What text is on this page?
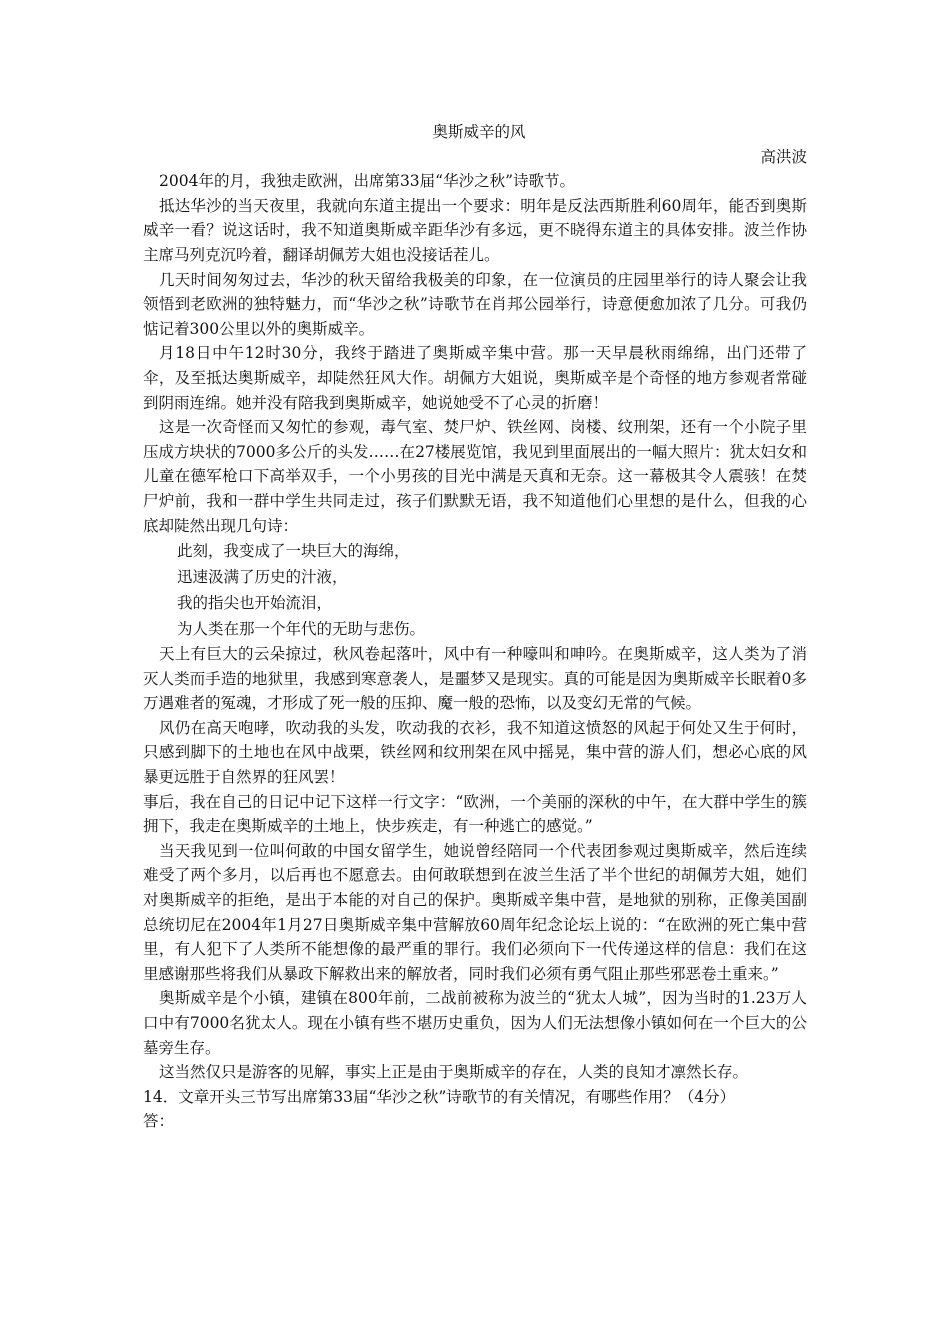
奥斯威辛的风

高洪波

2004年的月，我独走欧洲，出席第33届“华沙之秋”诗歌节。

抵达华沙的当天夜里，我就向东道主提出一个要求：明年是反法西斯胜利60周年，能否到奥斯威辛一看？说这话时，我不知道奥斯威辛距华沙有多远，更不晓得东道主的具体安排。波兰作协主席马列克沉吟着，翻译胡佩芳大姐也没接话茬儿。

几天时间匆匆过去，华沙的秋天留给我极美的印象，在一位演员的庄园里举行的诗人聚会让我领悟到老欧洲的独特魅力，而“华沙之秋”诗歌节在肖邦公园举行，诗意便愈加浓了几分。可我仍惦记着300公里以外的奥斯威辛。

月18日中午12时30分，我终于踏进了奥斯威辛集中营。那一天早晨秋雨绵绵，出门还带了伞，及至抵达奥斯威辛，却陡然狂风大作。胡佩方大姐说，奥斯威辛是个奇怪的地方参观者常碰到阴雨连绵。她并没有陪我到奥斯威辛，她说她受不了心灵的折磨！

这是一次奇怪而又匆忙的参观，毒气室、焚尸炉、铁丝网、岗楼、纹刑架，还有一个小院子里压成方块状的7000多公斤的头发……在27楼展览馆，我见到里面展出的一幅大照片：犹太妇女和儿童在德军枪口下高举双手，一个小男孩的目光中满是天真和无奈。这一幕极其令人震骇！在焚尸炉前，我和一群中学生共同走过，孩子们默默无语，我不知道他们心里想的是什么，但我的心底却陡然出现几句诗：

此刻，我变成了一块巨大的海绵，

迅速汲满了历史的汁液，

我的指尖也开始流泪，

为人类在那一个年代的无助与悲伤。

天上有巨大的云朵掠过，秋风卷起落叶，风中有一种嚎叫和呻吟。在奥斯威辛，这人类为了消灭人类而手造的地狱里，我感到寒意袭人，是噩梦又是现实。真的可能是因为奥斯威辛长眠着0多万遇难者的冤魂，才形成了死一般的压抑、魔一般的恐怖，以及变幻无常的气候。

风仍在高天咆哮，吹动我的头发，吹动我的衣衫，我不知道这愤怒的风起于何处又生于何时，只感到脚下的土地也在风中战栗，铁丝网和纹刑架在风中摇晃，集中营的游人们，想必心底的风暴更远胜于自然界的狂风罢！

事后，我在自己的日记中记下这样一行文字：“欧洲，一个美丽的深秋的中午，在大群中学生的簇拥下，我走在奥斯威辛的土地上，快步疾走，有一种逃亡的感觉。”

当天我见到一位叫何敢的中国女留学生，她说曾经陪同一个代表团参观过奥斯威辛，然后连续难受了两个多月，以后再也不愿意去。由何敢联想到在波兰生活了半个世纪的胡佩芳大姐，她们对奥斯威辛的拒绝，是出于本能的对自己的保护。奥斯威辛集中营，是地狱的别称，正像美国副总统切尼在2004年1月27日奥斯威辛集中营解放60周年纪念论坛上说的：“在欧洲的死亡集中营里，有人犯下了人类所不能想像的最严重的罪行。我们必须向下一代传递这样的信息：我们在这里感谢那些将我们从暴政下解救出来的解放者，同时我们必须有勇气阻止那些邪恶卷土重来。”

奥斯威辛是个小镇，建镇在800年前，二战前被称为波兰的“犹太人城”，因为当时的1.23万人口中有7000名犹太人。现在小镇有些不堪历史重负，因为人们无法想像小镇如何在一个巨大的公墓旁生存。

这当然仅只是游客的见解，事实上正是由于奥斯威辛的存在，人类的良知才凛然长存。

14．文章开头三节写出席第33届“华沙之秋”诗歌节的有关情况，有哪些作用？（4分）

答：
